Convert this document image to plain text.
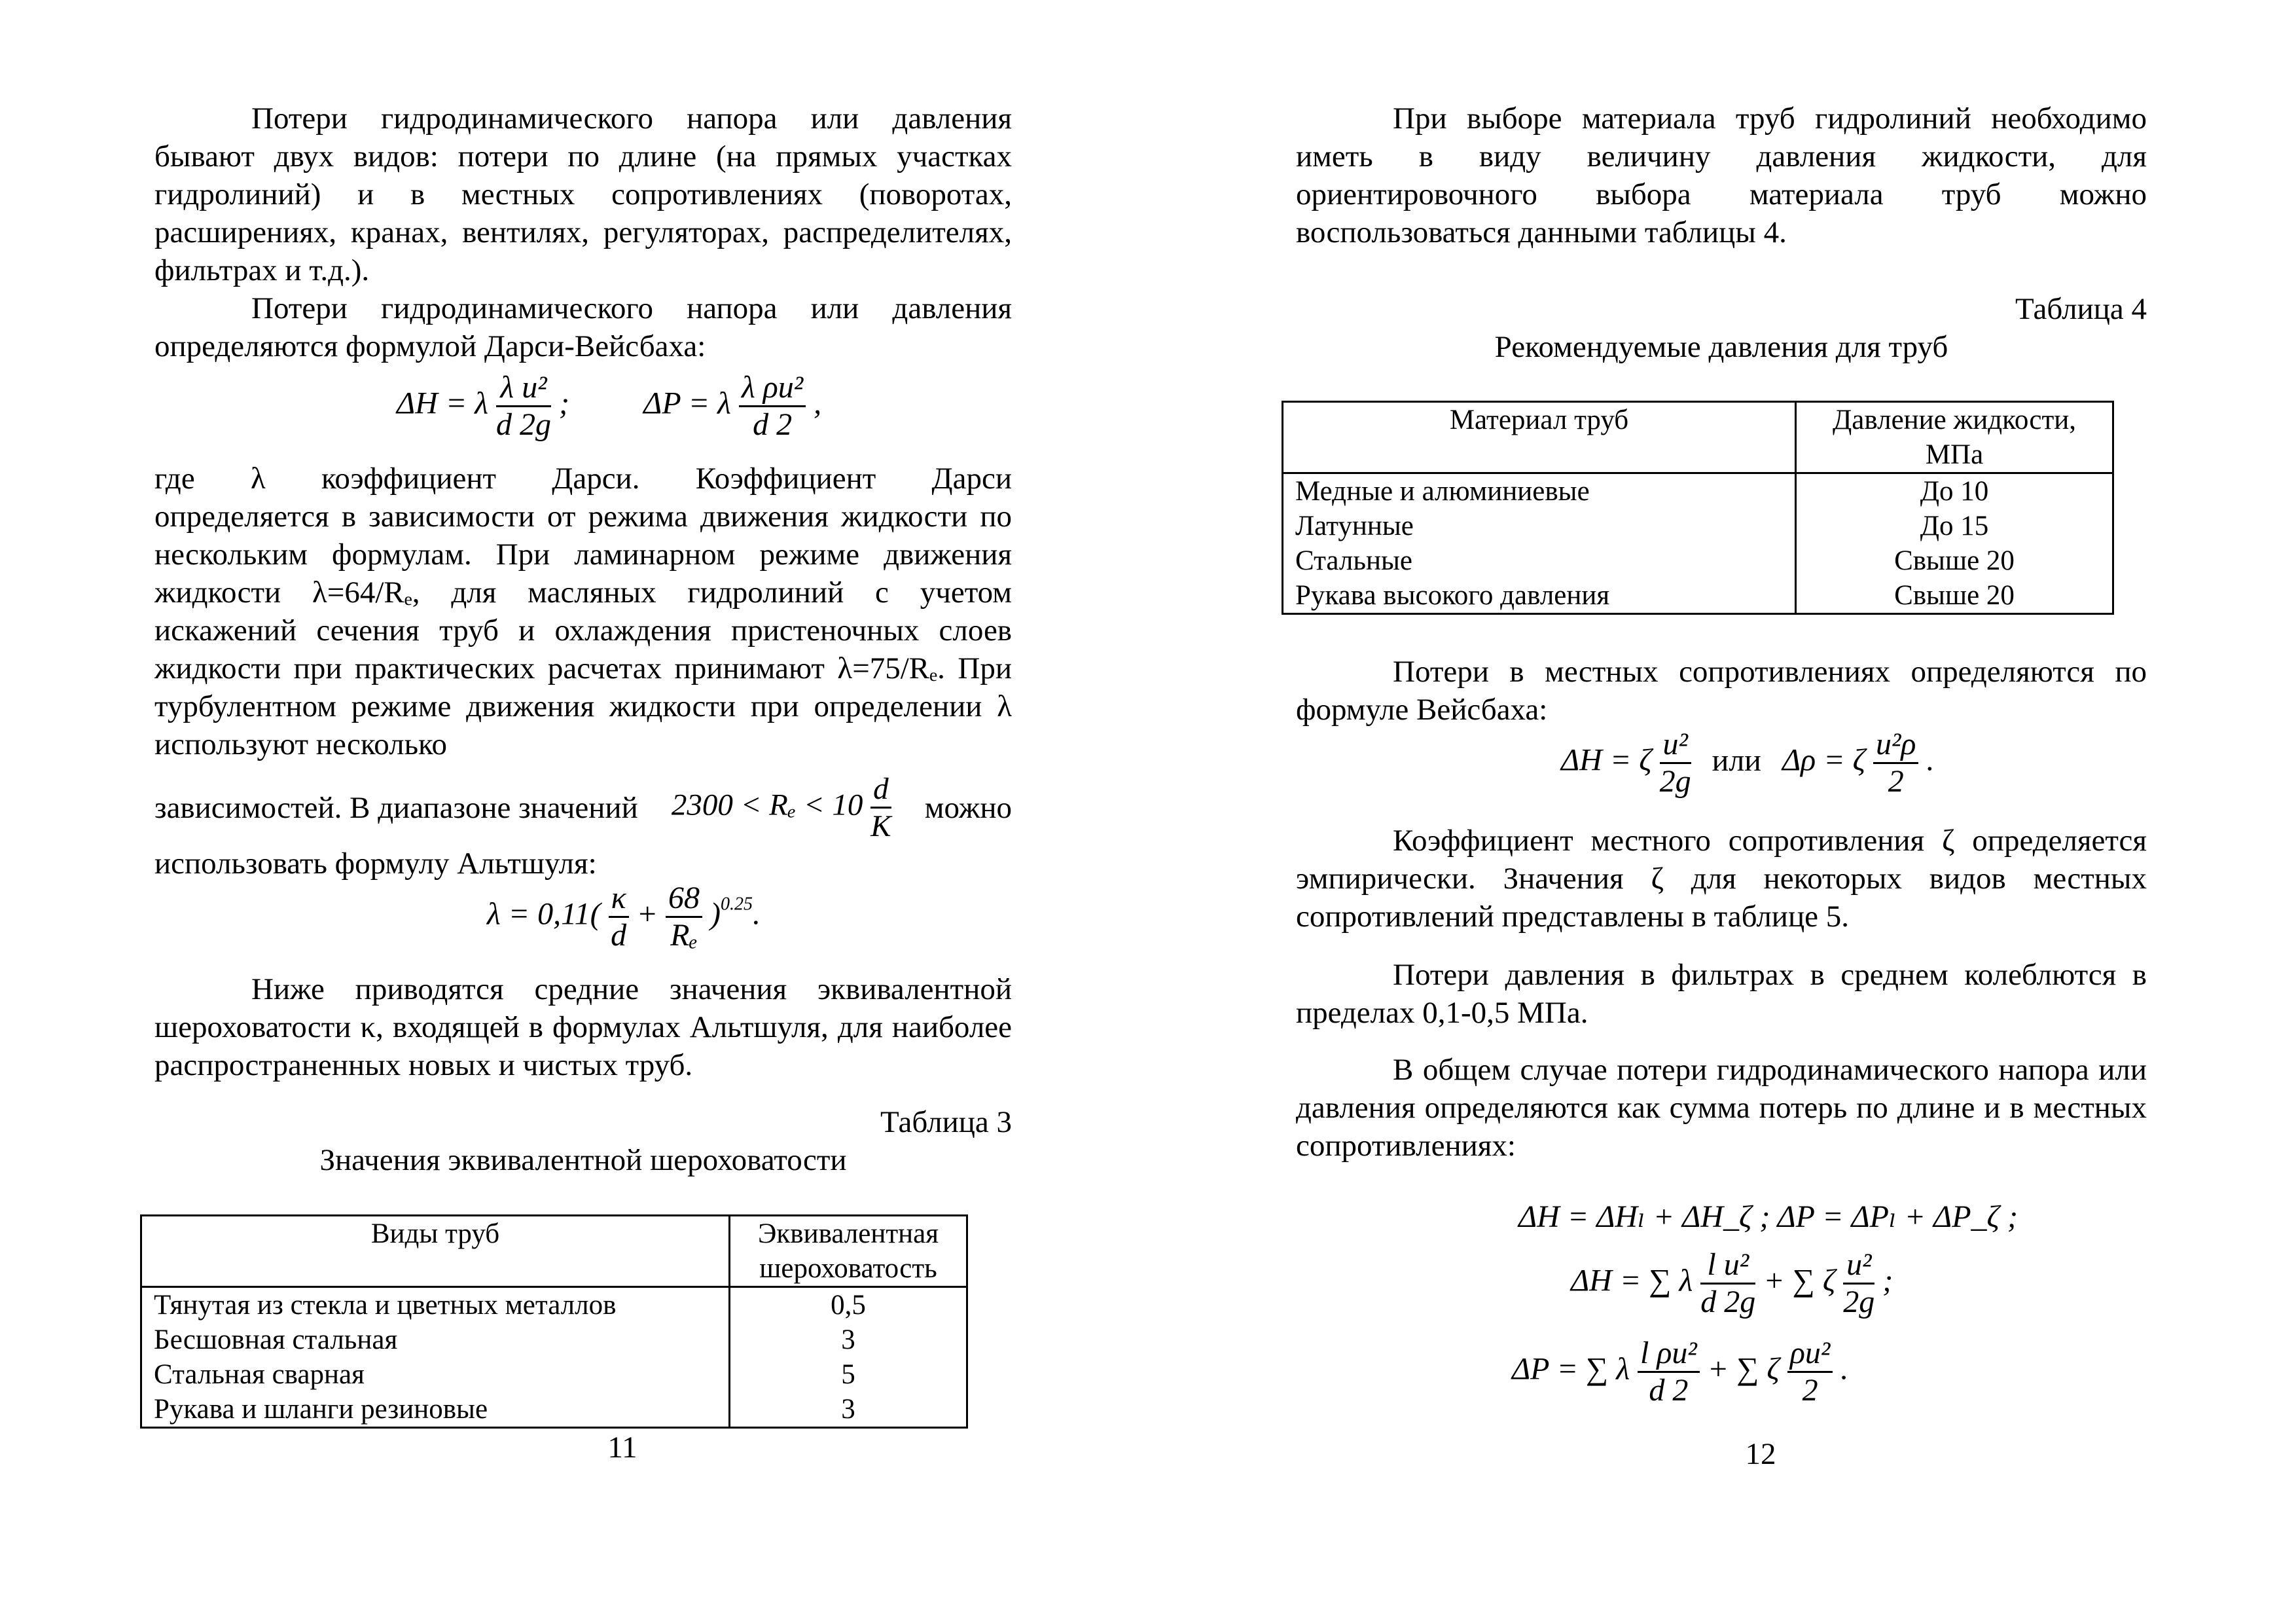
Потери гидродинамического напора или давления бывают двух видов: потери по длине (на прямых участках гидролиний) и в местных сопротивлениях (поворотах, расширениях, кранах, вентилях, регуляторах, распределителях, фильтрах и т.д.).

Потери гидродинамического напора или давления определяются формулой Дарси-Вейсбаха:

ΔH = λ $\frac{\text{λ u²}}{d 2g}$ ; ΔP = λ $\frac{\text{λ ρu²}}{d 2}$ ,

где λ коэффициент Дарси. Коэффициент Дарси

определяется в зависимости от режима движения жидкости по нескольким формулам. При ламинарном режиме движения жидкости λ=64/Rₑ, для масляных гидролиний с учетом искажений сечения труб и охлаждения пристеночных слоев жидкости при практических расчетах принимают λ=75/Rₑ. При турбулентном режиме движения жидкости при определении λ используют несколько

зависимостей. В диапазоне значений $2300 < R_e < 10 \frac{d}{K}$ можно

использовать формулу Альтшуля:

$\lambda = 0,11( \frac{\kappa}{d} + \frac{68}{\text{Rₑ}} )^{0.25}$.

Ниже приводятся средние значения эквивалентной шероховатости κ, входящей в формулах Альтшуля, для наиболее распространенных новых и чистых труб.

Таблица 3
Значения эквивалентной шероховатости
Виды труб	Эквивалентная шероховатость
Тянутая из стекла и цветных металлов	0,5
Бесшовная стальная	3
Стальная сварная	5
Рукава и шланги резиновые	3
11

При выборе материала труб гидролиний необходимо иметь в виду величину давления жидкости, для ориентировочного выбора материала труб можно воспользоваться данными таблицы 4.

Таблица 4
Рекомендуемые давления для труб
Материал труб	Давление жидкости, МПа
Медные и алюминиевые	До 10
Латунные	До 15
Стальные	Свыше 20
Рукава высокого давления	Свыше 20

Потери в местных сопротивлениях определяются по формуле Вейсбаха:

ΔH = ζ $\frac{\text{u²}}{2g}$ или Δρ = ζ $\frac{\text{u²ρ}}{2}$ .

Коэффициент местного сопротивления ζ определяется эмпирически. Значения ζ для некоторых видов местных сопротивлений представлены в таблице 5.

Потери давления в фильтрах в среднем колеблются в пределах 0,1-0,5 МПа.

В общем случае потери гидродинамического напора или давления определяются как сумма потерь по длине и в местных сопротивлениях:

ΔH = ΔHₗ + ΔH_ζ ; ΔP = ΔPₗ + ΔP_ζ ;
ΔH = ∑ λ $\frac{\text{l u²}}{d 2g}$ + ∑ ζ $\frac{\text{u²}}{2g}$ ;
ΔP = ∑ λ $\frac{\text{l ρu²}}{d 2}$ + ∑ ζ $\frac{\text{ρu²}}{2}$ .
12
